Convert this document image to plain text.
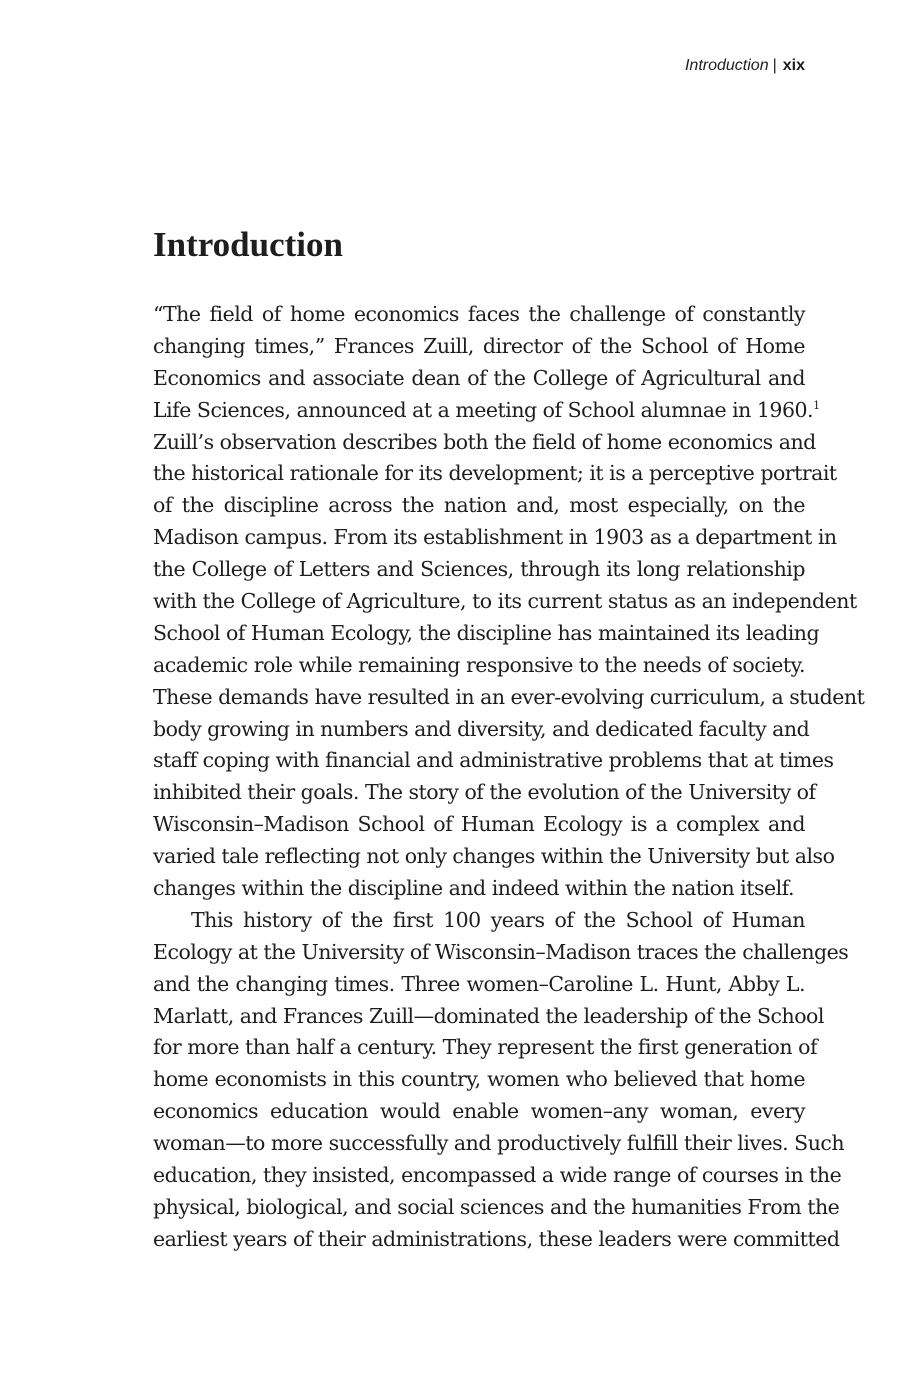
Introduction | xix
Introduction
“The field of home economics faces the challenge of constantly
changing times,” Frances Zuill, director of the School of Home
Economics and associate dean of the College of Agricultural and
Life Sciences, announced at a meeting of School alumnae in 1960.$^1$
Zuill’s observation describes both the field of home economics and
the historical rationale for its development; it is a perceptive portrait
of the discipline across the nation and, most especially, on the
Madison campus. From its establishment in 1903 as a department in
the College of Letters and Sciences, through its long relationship
with the College of Agriculture, to its current status as an independent
School of Human Ecology, the discipline has maintained its leading
academic role while remaining responsive to the needs of society.
These demands have resulted in an ever-evolving curriculum, a student
body growing in numbers and diversity, and dedicated faculty and
staff coping with financial and administrative problems that at times
inhibited their goals. The story of the evolution of the University of
Wisconsin–Madison School of Human Ecology is a complex and
varied tale reflecting not only changes within the University but also
changes within the discipline and indeed within the nation itself.
This history of the first 100 years of the School of Human
Ecology at the University of Wisconsin–Madison traces the challenges
and the changing times. Three women–Caroline L. Hunt, Abby L.
Marlatt, and Frances Zuill—dominated the leadership of the School
for more than half a century. They represent the first generation of
home economists in this country, women who believed that home
economics education would enable women–any woman, every
woman—to more successfully and productively fulfill their lives. Such
education, they insisted, encompassed a wide range of courses in the
physical, biological, and social sciences and the humanities From the
earliest years of their administrations, these leaders were committed
